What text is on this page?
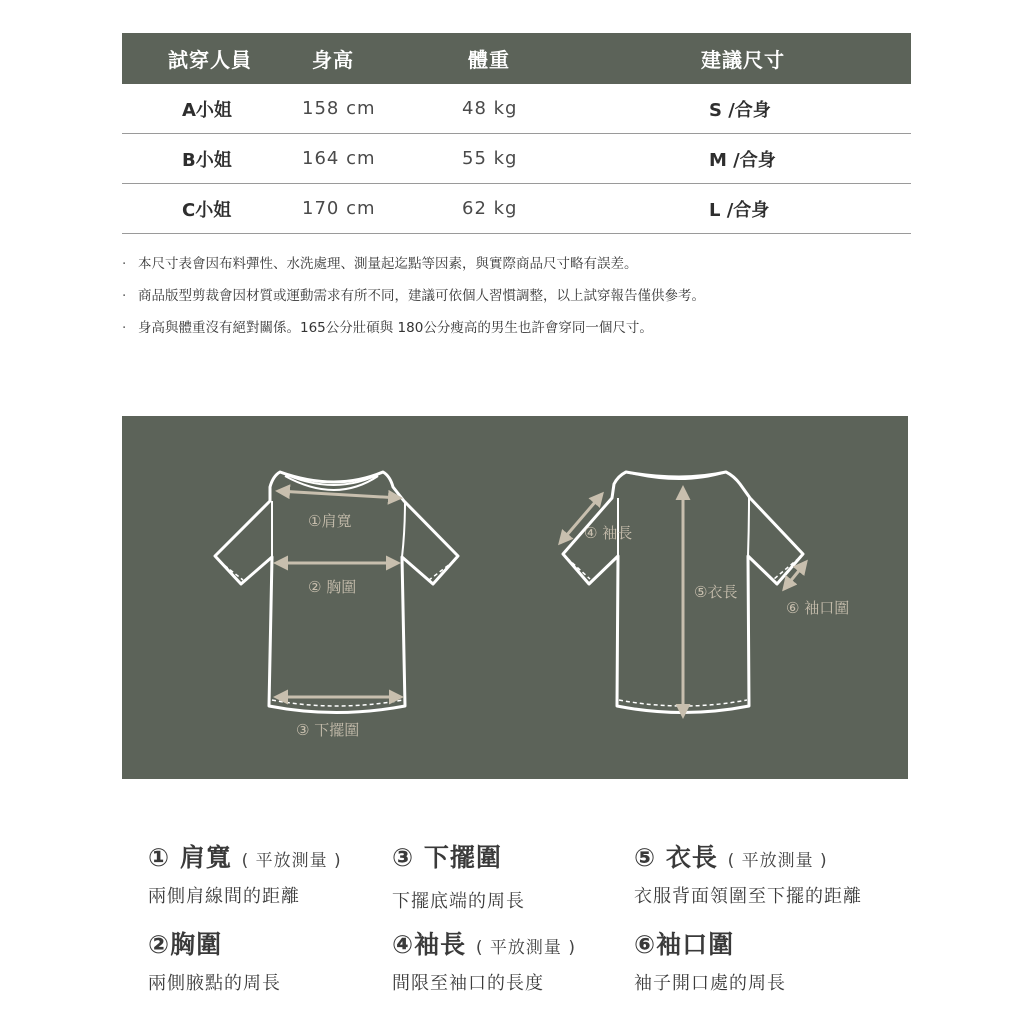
試穿人員	身高	體重	建議尺寸
A小姐	158 cm	48 kg	S /合身
B小姐	164 cm	55 kg	M /合身
C小姐	170 cm	62 kg	L /合身
· 本尺寸表會因布料彈性、水洗處理、測量起迄點等因素，與實際商品尺寸略有誤差。
· 商品版型剪裁會因材質或運動需求有所不同，建議可依個人習慣調整，以上試穿報告僅供參考。
· 身高與體重沒有絕對關係。165公分壯碩與 180公分瘦高的男生也許會穿同一個尺寸。
①肩寬
② 胸圍
③ 下擺圍
④ 袖長
⑤衣長
⑥ 袖口圍
① 肩寬 ( 平放測量 )
兩側肩線間的距離
③ 下擺圍
下擺底端的周長
⑤ 衣長 ( 平放測量 )
衣服背面領圍至下擺的距離
②胸圍
兩側腋點的周長
④袖長 ( 平放測量 )
間限至袖口的長度
⑥袖口圍
袖子開口處的周長
